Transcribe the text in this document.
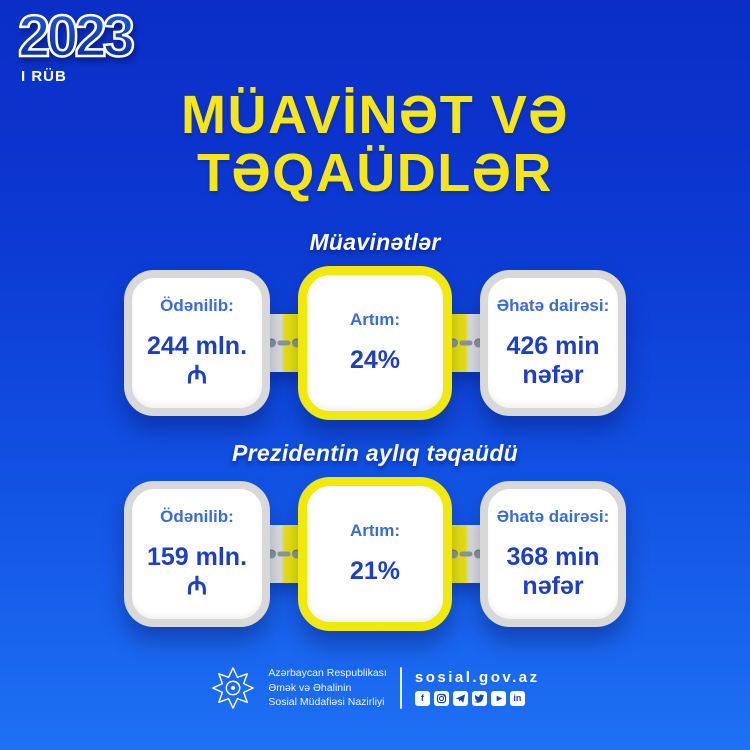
2023
I RÜB
MÜAVİNƏT VƏ
TƏQAÜDLƏR
Müavinətlər
Ödənilib:
244 mln.₼
Artım:
24%
Əhatə dairəsi:
426 min nəfər
Prezidentin aylıq təqaüdü
Ödənilib:
159 mln.₼
Artım:
21%
Əhatə dairəsi:
368 min nəfər
Azərbaycan Respublikası
Əmək və Əhalinin
Sosial Müdafiəsi Nazirliyi
sosial.gov.az
f	in
